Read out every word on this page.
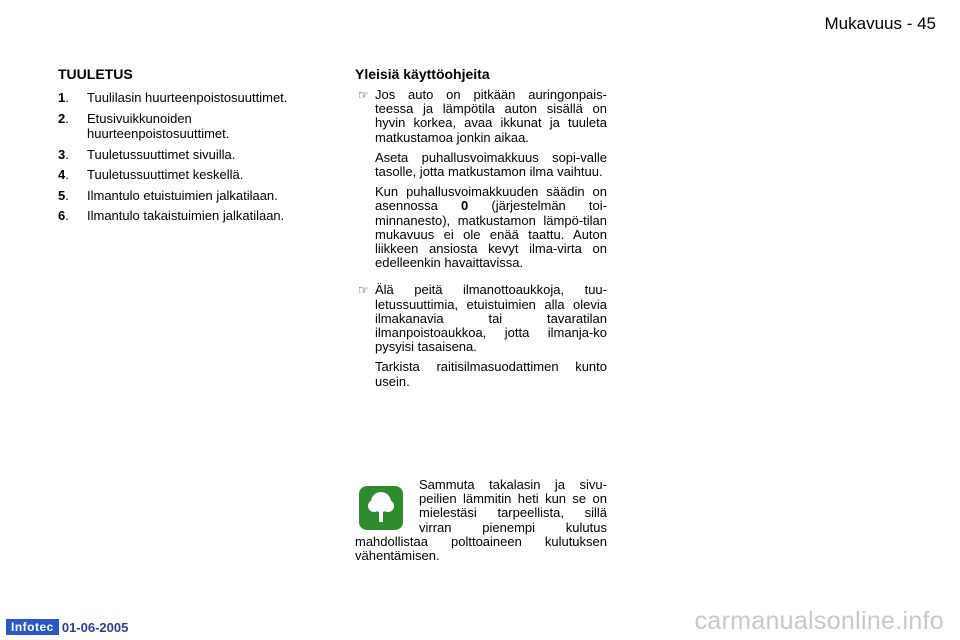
Mukavuus - 45
TUULETUS
1.	Tuulilasin huurteenpoistosuuttimet.
2.	Etusivuikkunoiden huurteenpoistosuuttimet.
3.	Tuuletussuuttimet sivuilla.
4.	Tuuletussuuttimet keskellä.
5.	Ilmantulo etuistuimien jalkatilaan.
6.	Ilmantulo takaistuimien jalkatilaan.
Yleisiä käyttöohjeita
☞ Jos auto on pitkään auringonpais-teessa ja lämpötila auton sisällä on hyvin korkea, avaa ikkunat ja tuuleta matkustamoa jonkin aikaa.

Aseta puhallusvoimakkuus sopi-valle tasolle, jotta matkustamon ilma vaihtuu.

Kun puhallusvoimakkuuden säädin on asennossa 0 (järjestelmän toi-minnanesto), matkustamon lämpö-tilan mukavuus ei ole enää taattu. Auton liikkeen ansiosta kevyt ilma-virta on edelleenkin havaittavissa.

☞ Älä peitä ilmanottoaukkoja, tuu-letussuuttimia, etuistuimien alla olevia ilmakanavia tai tavaratilan ilmanpoistoaukkoa, jotta ilmanja-ko pysyisi tasaisena.

Tarkista raitisilmasuodattimen kunto usein.

Sammuta takalasin ja sivu-peilien lämmitin heti kun se on mielestäsi tarpeellista, sillä virran pienempi kulutus mahdollistaa polttoaineen kulutuksen vähentämisen.
Infotec 01-06-2005	carmanualsonline.info
